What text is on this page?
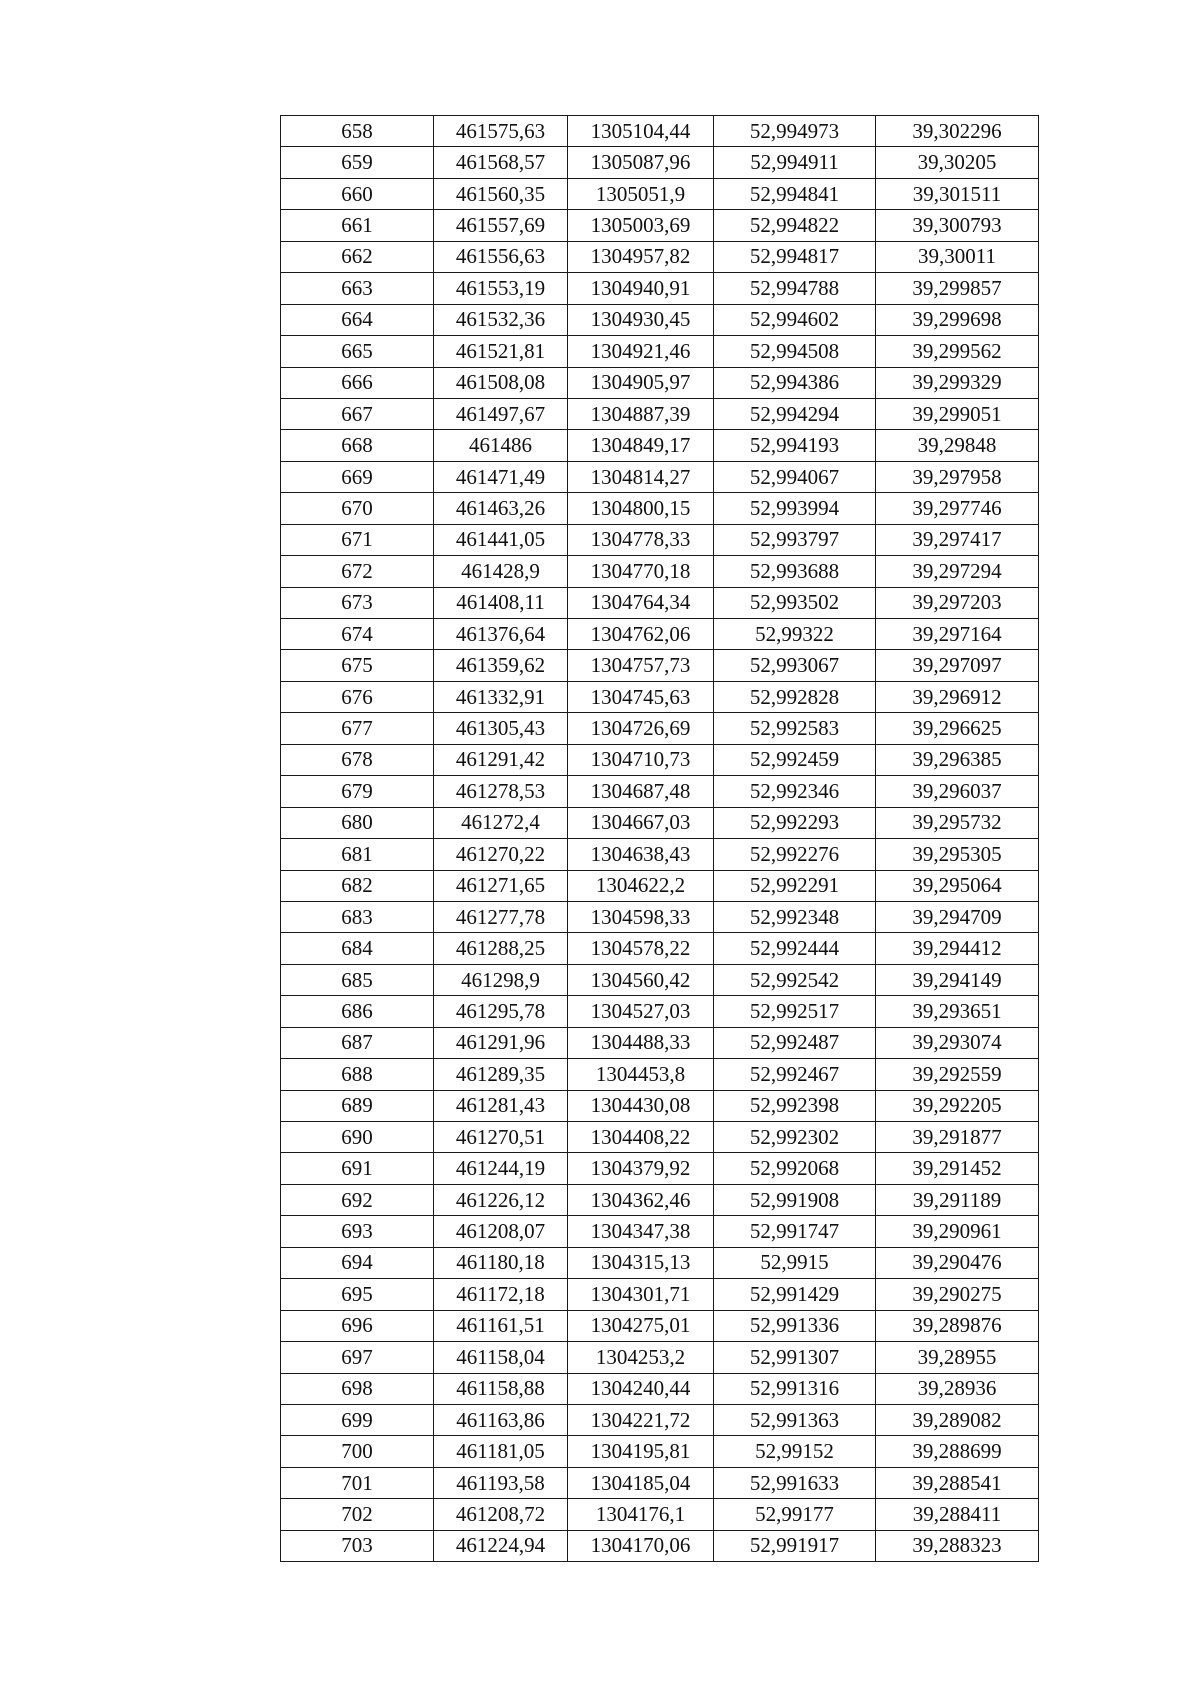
658	461575,63	1305104,44	52,994973	39,302296
659	461568,57	1305087,96	52,994911	39,30205
660	461560,35	1305051,9	52,994841	39,301511
661	461557,69	1305003,69	52,994822	39,300793
662	461556,63	1304957,82	52,994817	39,30011
663	461553,19	1304940,91	52,994788	39,299857
664	461532,36	1304930,45	52,994602	39,299698
665	461521,81	1304921,46	52,994508	39,299562
666	461508,08	1304905,97	52,994386	39,299329
667	461497,67	1304887,39	52,994294	39,299051
668	461486	1304849,17	52,994193	39,29848
669	461471,49	1304814,27	52,994067	39,297958
670	461463,26	1304800,15	52,993994	39,297746
671	461441,05	1304778,33	52,993797	39,297417
672	461428,9	1304770,18	52,993688	39,297294
673	461408,11	1304764,34	52,993502	39,297203
674	461376,64	1304762,06	52,99322	39,297164
675	461359,62	1304757,73	52,993067	39,297097
676	461332,91	1304745,63	52,992828	39,296912
677	461305,43	1304726,69	52,992583	39,296625
678	461291,42	1304710,73	52,992459	39,296385
679	461278,53	1304687,48	52,992346	39,296037
680	461272,4	1304667,03	52,992293	39,295732
681	461270,22	1304638,43	52,992276	39,295305
682	461271,65	1304622,2	52,992291	39,295064
683	461277,78	1304598,33	52,992348	39,294709
684	461288,25	1304578,22	52,992444	39,294412
685	461298,9	1304560,42	52,992542	39,294149
686	461295,78	1304527,03	52,992517	39,293651
687	461291,96	1304488,33	52,992487	39,293074
688	461289,35	1304453,8	52,992467	39,292559
689	461281,43	1304430,08	52,992398	39,292205
690	461270,51	1304408,22	52,992302	39,291877
691	461244,19	1304379,92	52,992068	39,291452
692	461226,12	1304362,46	52,991908	39,291189
693	461208,07	1304347,38	52,991747	39,290961
694	461180,18	1304315,13	52,9915	39,290476
695	461172,18	1304301,71	52,991429	39,290275
696	461161,51	1304275,01	52,991336	39,289876
697	461158,04	1304253,2	52,991307	39,28955
698	461158,88	1304240,44	52,991316	39,28936
699	461163,86	1304221,72	52,991363	39,289082
700	461181,05	1304195,81	52,99152	39,288699
701	461193,58	1304185,04	52,991633	39,288541
702	461208,72	1304176,1	52,99177	39,288411
703	461224,94	1304170,06	52,991917	39,288323
